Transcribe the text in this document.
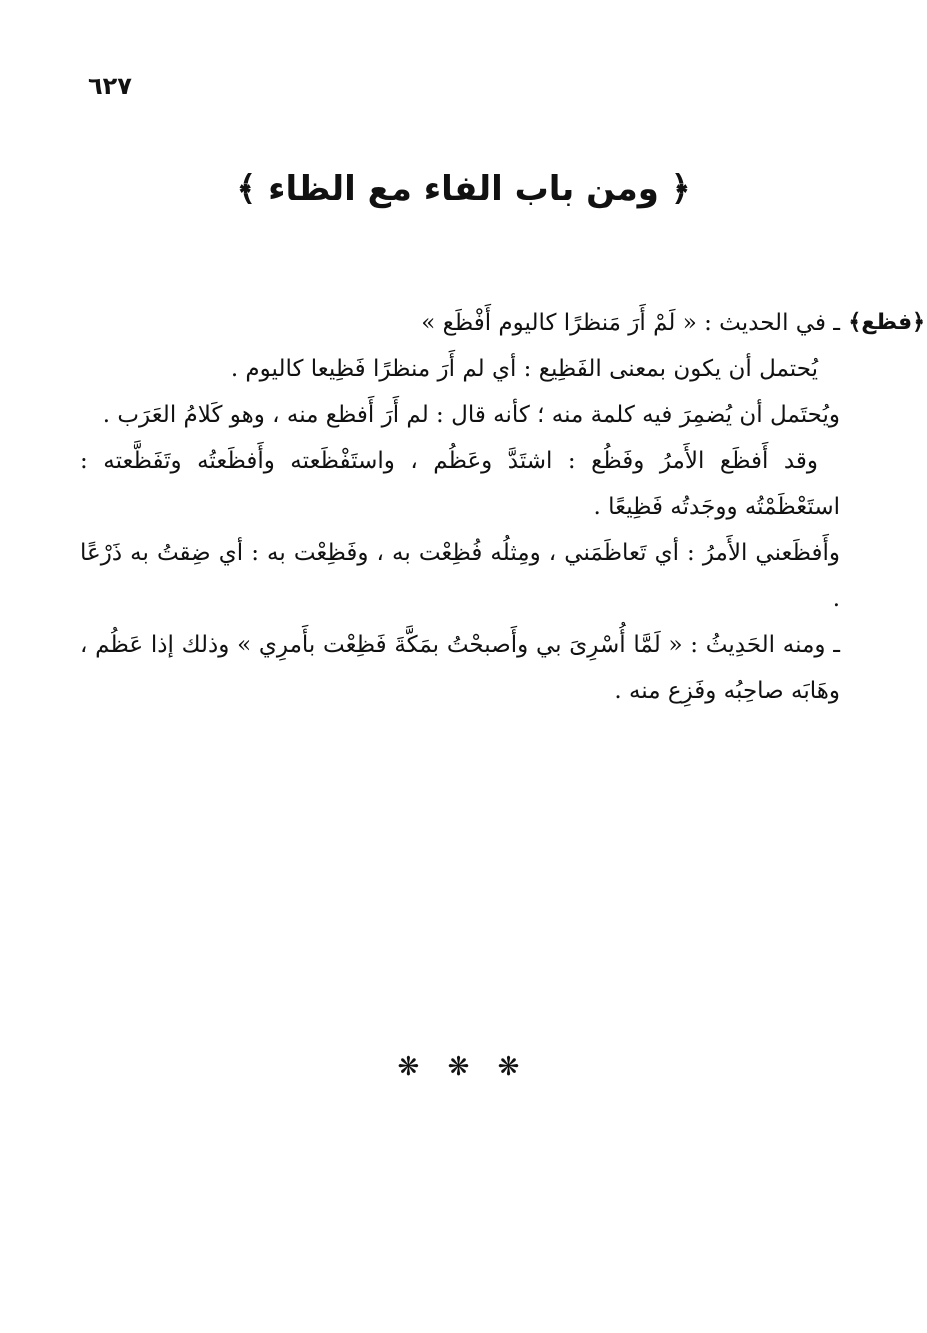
٦٢٧
﴿ ومن باب الفاء مع الظاء ﴾
﴿فظع﴾

ـ في الحديث : « لَمْ أَرَ مَنظرًا كاليوم أَفْظَع »

يُحتمل أن يكون بمعنى الفَظِيع : أي لم أَرَ منظرًا فَظِيعا كاليوم .

ويُحتَمل أن يُضمِرَ فيه كلمة منه ؛ كأنه قال : لم أَرَ أَفظع منه ، وهو كَلامُ العَرَب .

وقد أَفظَع الأَمرُ وفَظُع : اشتَدَّ وعَظُم ، واستَفْظَعته وأَفظَعتُه وتَفَظَّعته : استَعْظَمْتُه ووجَدتُه فَظِيعًا .

وأَفظَعني الأَمرُ : أي تَعاظَمَني ، ومِثلُه فُظِعْت به ، وفَظِعْت به : أي ضِقتُ به ذَرْعًا .

ـ ومنه الحَدِيثُ : « لَمَّا أُسْرِىَ بي وأَصبحْتُ بمَكَّةَ فَظِعْت بأَمرِي » وذلك إذا عَظُم ، وهَابَه صاحِبُه وفَزِع منه .

❋ ❋ ❋
